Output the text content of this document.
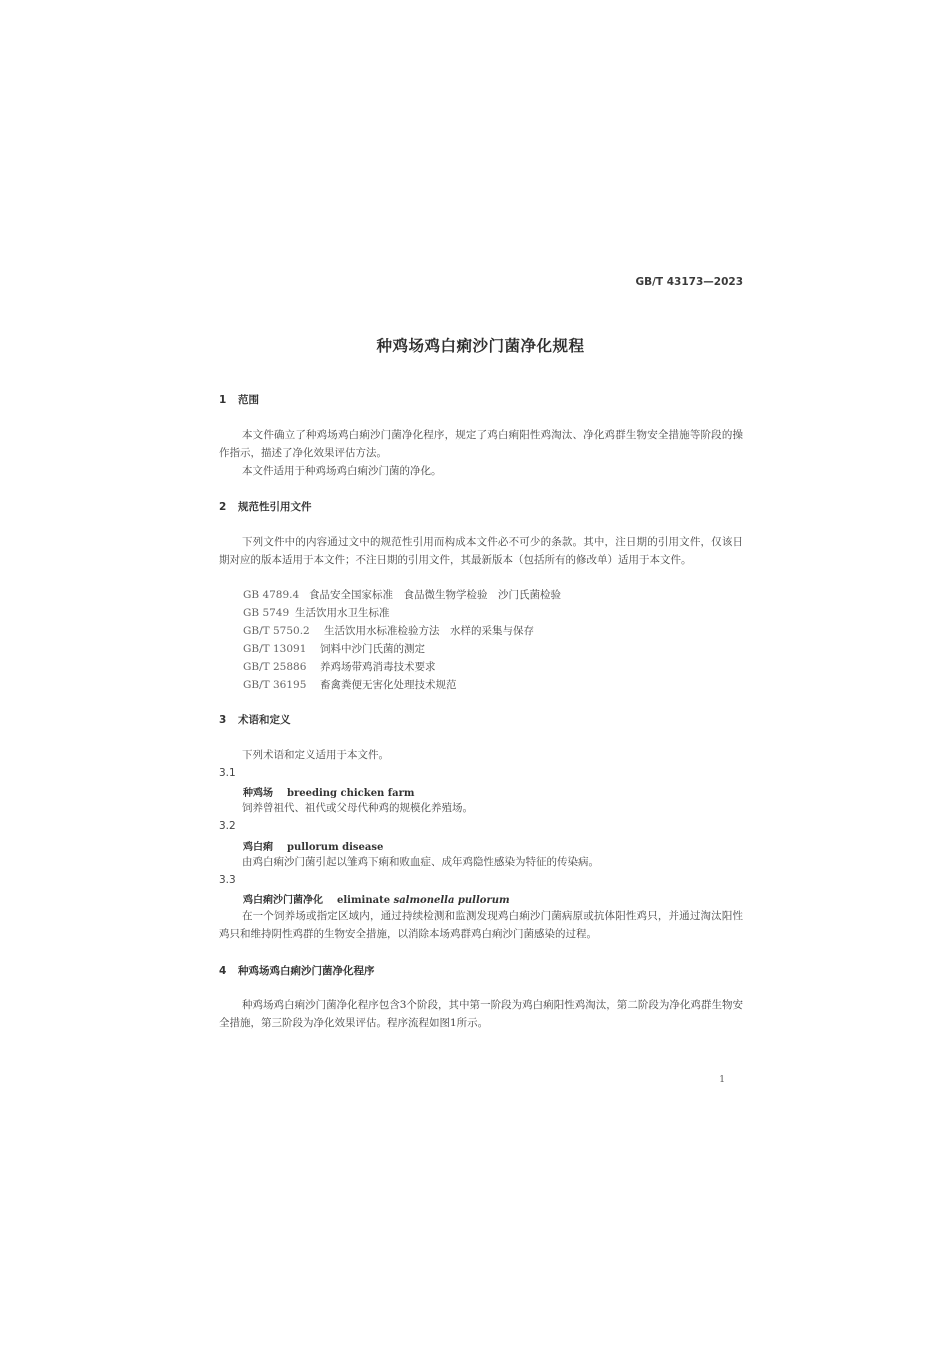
GB/T 43173—2023
种鸡场鸡白痢沙门菌净化规程
1 范围
本文件确立了种鸡场鸡白痢沙门菌净化程序，规定了鸡白痢阳性鸡淘汰、净化鸡群生物安全措施等阶段的操作指示，描述了净化效果评估方法。
本文件适用于种鸡场鸡白痢沙门菌的净化。
2 规范性引用文件
下列文件中的内容通过文中的规范性引用而构成本文件必不可少的条款。其中，注日期的引用文件，仅该日期对应的版本适用于本文件；不注日期的引用文件，其最新版本（包括所有的修改单）适用于本文件。
GB 4789.4 食品安全国家标准　食品微生物学检验　沙门氏菌检验
GB 5749 生活饮用水卫生标准
GB/T 5750.2 生活饮用水标准检验方法　水样的采集与保存
GB/T 13091 饲料中沙门氏菌的测定
GB/T 25886 养鸡场带鸡消毒技术要求
GB/T 36195 畜禽粪便无害化处理技术规范
3 术语和定义
下列术语和定义适用于本文件。
3.1
种鸡场 breeding chicken farm
饲养曾祖代、祖代或父母代种鸡的规模化养殖场。
3.2
鸡白痢 pullorum disease
由鸡白痢沙门菌引起以雏鸡下痢和败血症、成年鸡隐性感染为特征的传染病。
3.3
鸡白痢沙门菌净化 eliminate salmonella pullorum
在一个饲养场或指定区域内，通过持续检测和监测发现鸡白痢沙门菌病原或抗体阳性鸡只，并通过淘汰阳性鸡只和维持阴性鸡群的生物安全措施，以消除本场鸡群鸡白痢沙门菌感染的过程。
4 种鸡场鸡白痢沙门菌净化程序
种鸡场鸡白痢沙门菌净化程序包含3个阶段，其中第一阶段为鸡白痢阳性鸡淘汰，第二阶段为净化鸡群生物安全措施，第三阶段为净化效果评估。程序流程如图1所示。
1
